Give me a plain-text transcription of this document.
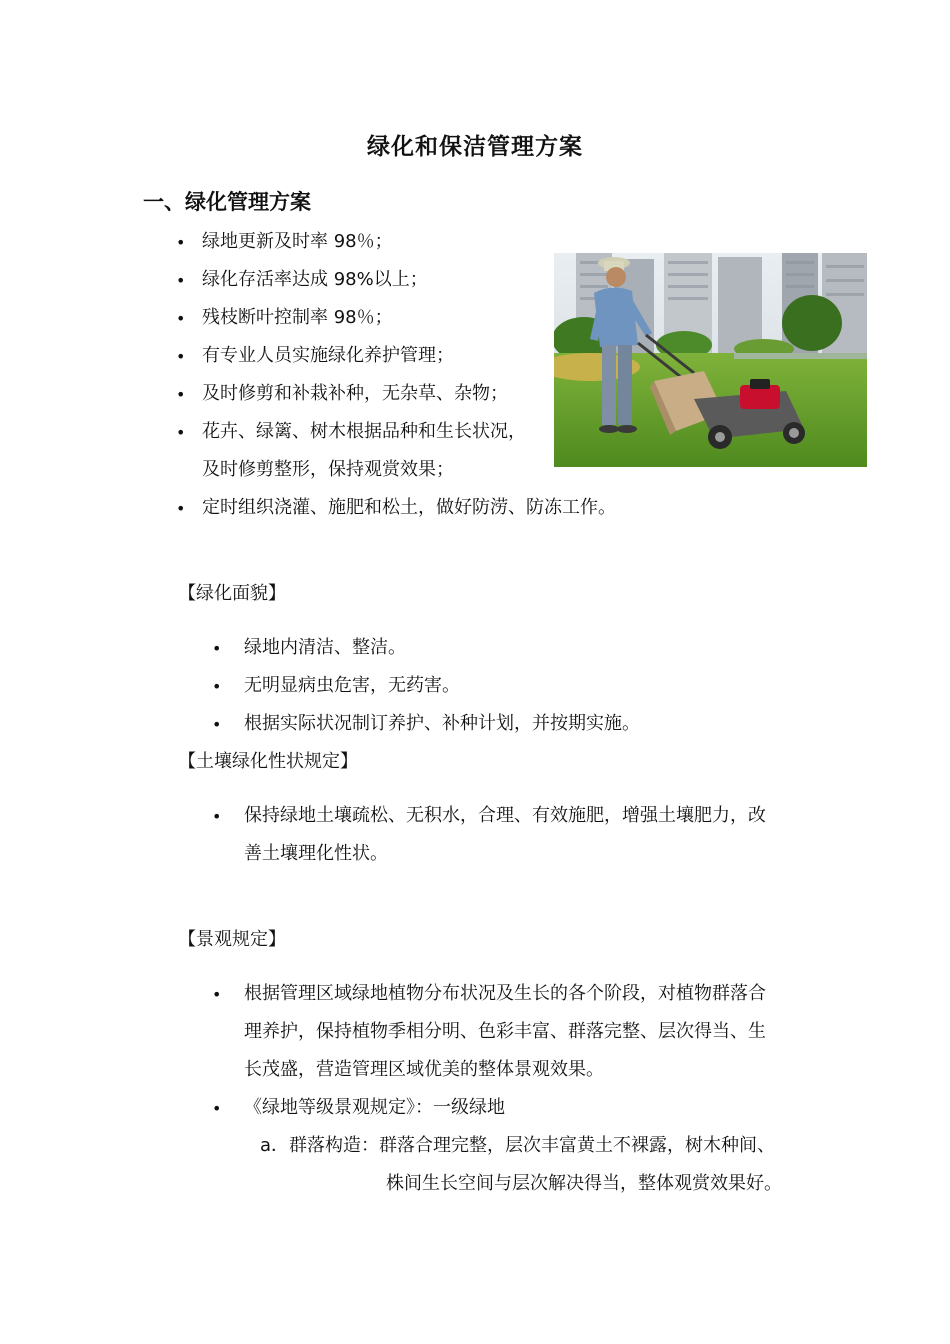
绿化和保洁管理方案
一、绿化管理方案
• 绿地更新及时率 98％；
• 绿化存活率达成 98%以上；
• 残枝断叶控制率 98％；
• 有专业人员实施绿化养护管理；
• 及时修剪和补栽补种，无杂草、杂物；
• 花卉、绿篱、树木根据品种和生长状况，
及时修剪整形，保持观赏效果；
• 定时组织浇灌、施肥和松土，做好防涝、防冻工作。
【绿化面貌】
• 绿地内清洁、整洁。
• 无明显病虫危害，无药害。
• 根据实际状况制订养护、补种计划，并按期实施。
【土壤绿化性状规定】
• 保持绿地土壤疏松、无积水，合理、有效施肥，增强土壤肥力，改
善土壤理化性状。
【景观规定】
• 根据管理区域绿地植物分布状况及生长的各个阶段，对植物群落合
理养护，保持植物季相分明、色彩丰富、群落完整、层次得当、生
长茂盛，营造管理区域优美的整体景观效果。
• 《绿地等级景观规定》：一级绿地
a．群落构造：群落合理完整，层次丰富黄土不裸露，树木种间、
株间生长空间与层次解决得当，整体观赏效果好。
